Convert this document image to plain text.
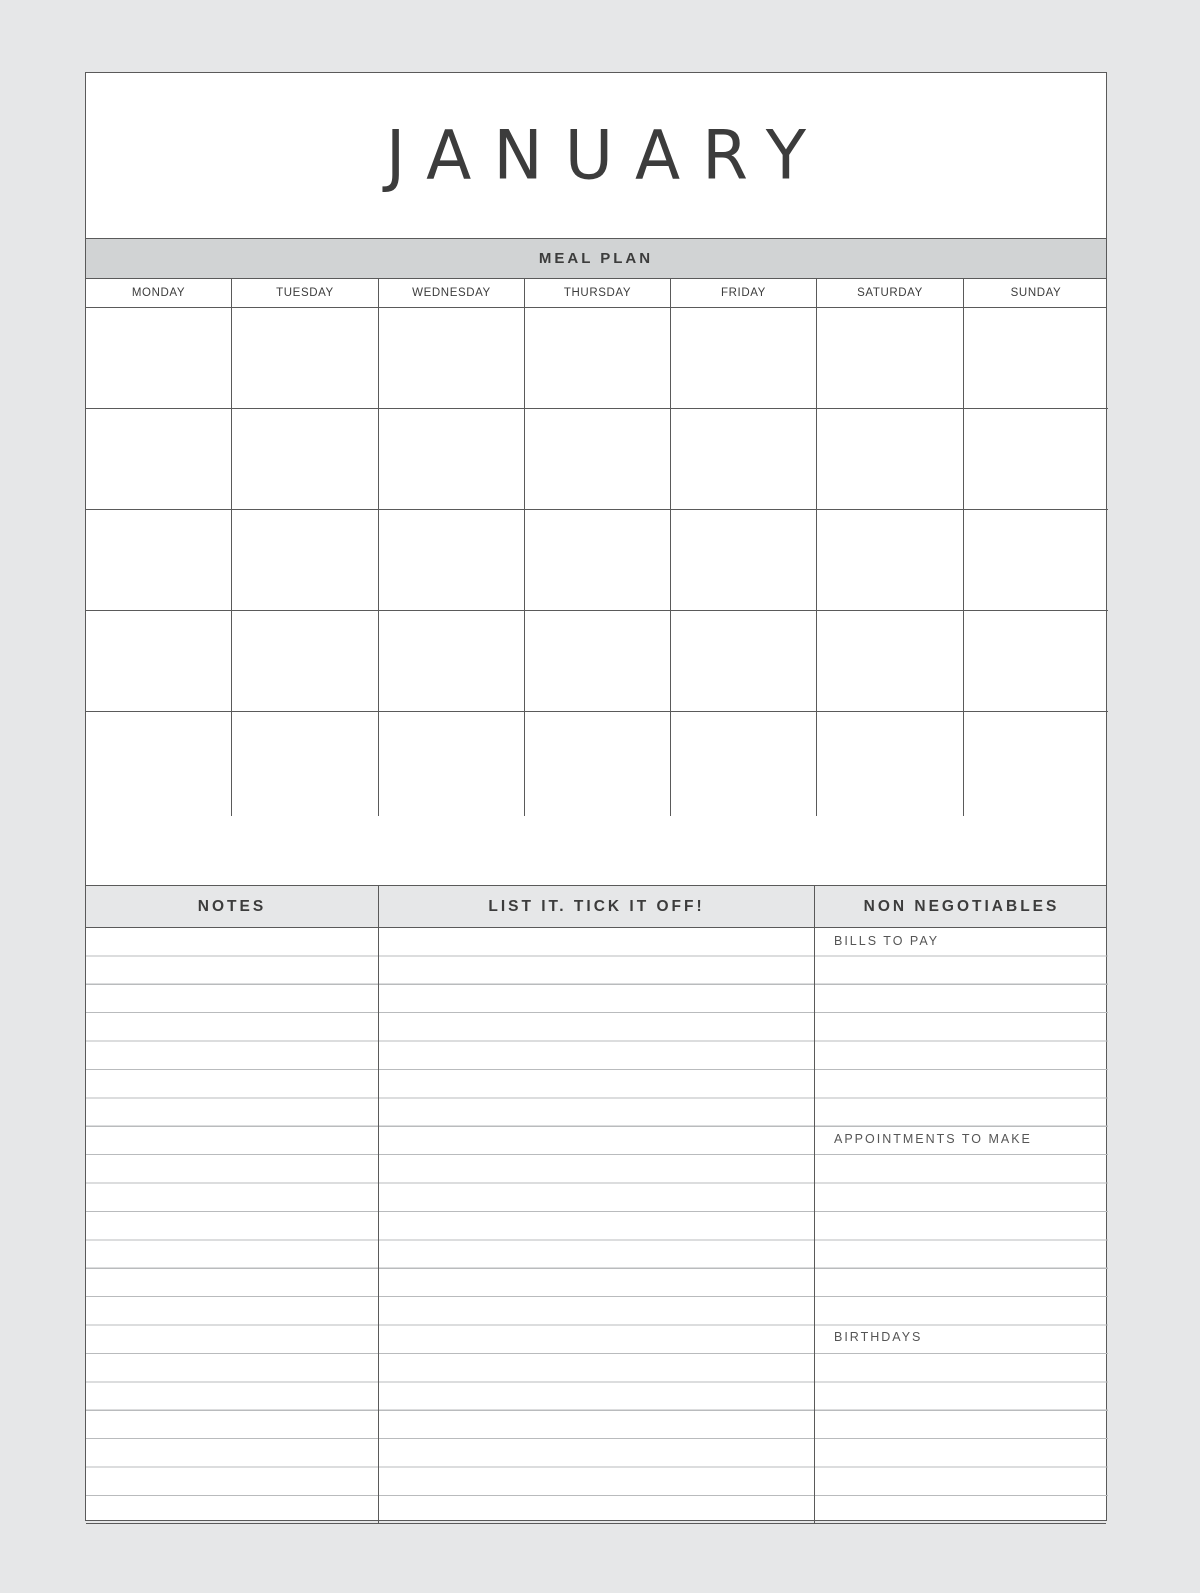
JANUARY
MEAL PLAN
MONDAY	TUESDAY	WEDNESDAY	THURSDAY	FRIDAY	SATURDAY	SUNDAY
NOTES	LIST IT. TICK IT OFF!	NON NEGOTIABLES
BILLS TO PAY
APPOINTMENTS TO MAKE
BIRTHDAYS
